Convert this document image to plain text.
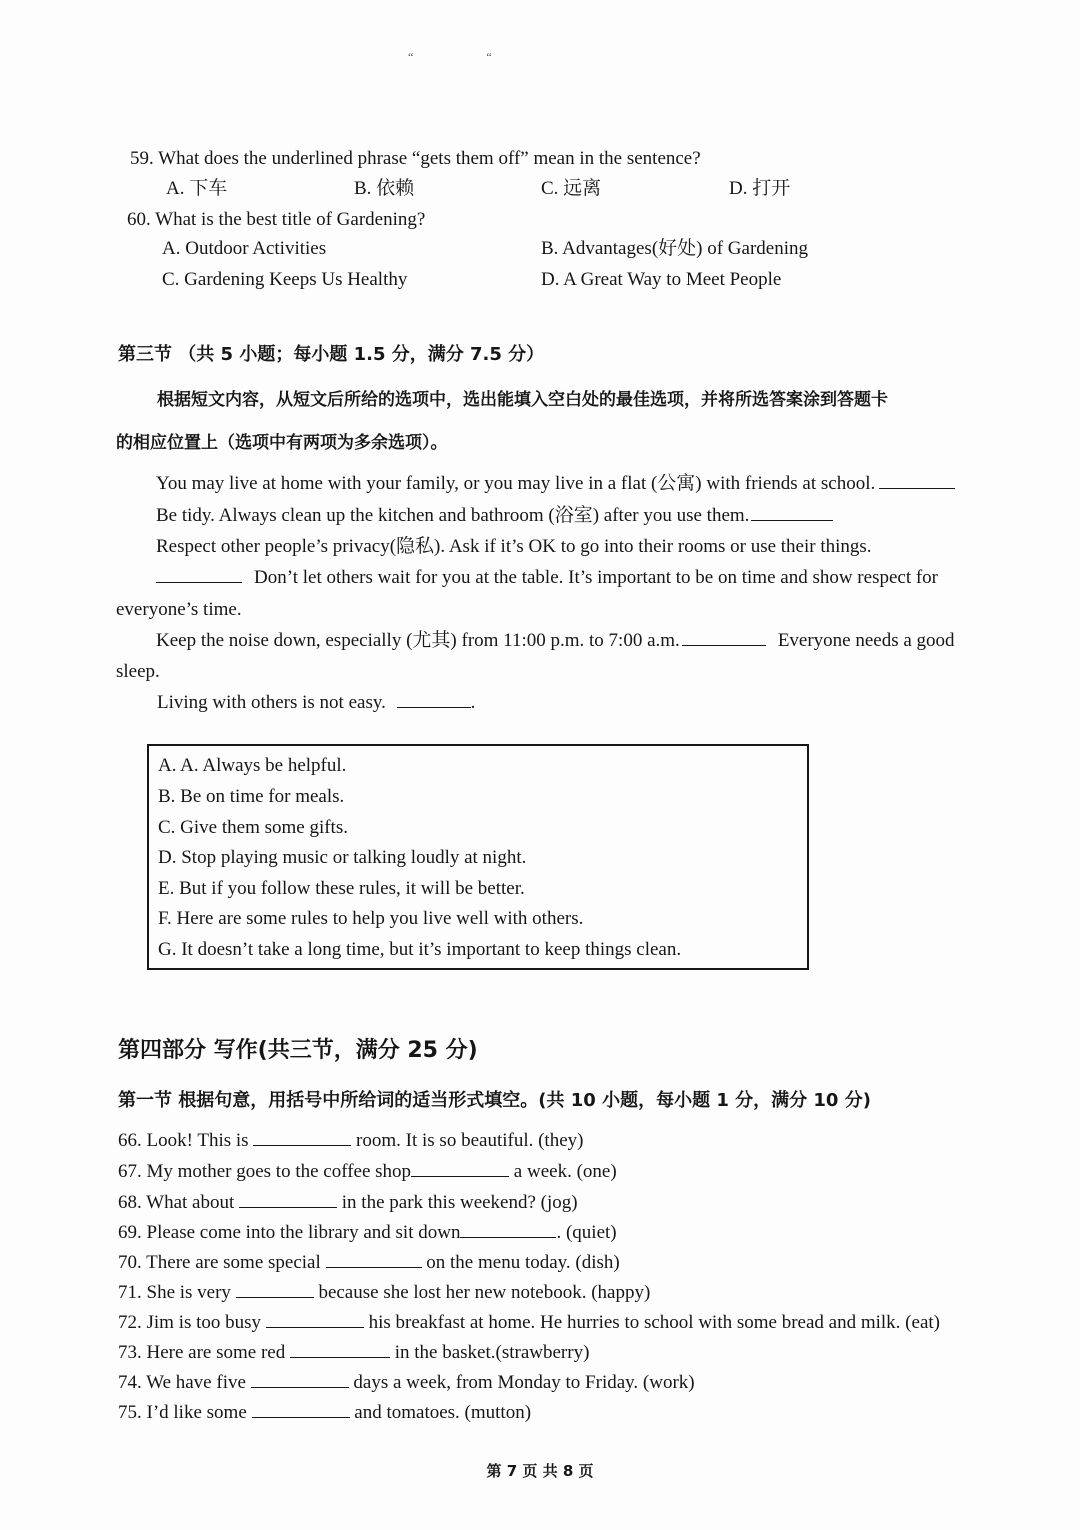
“	“
59. What does the underlined phrase “gets them off” mean in the sentence?
A. 下车	B. 依赖	C. 远离	D. 打开
60. What is the best title of Gardening?
A. Outdoor Activities	B. Advantages(好处) of Gardening
C. Gardening Keeps Us Healthy	D. A Great Way to Meet People
第三节 （共 5 小题；每小题 1.5 分，满分 7.5 分）
根据短文内容，从短文后所给的选项中，选出能填入空白处的最佳选项，并将所选答案涂到答题卡
的相应位置上（选项中有两项为多余选项）。
You may live at home with your family, or you may live in a flat (公寓) with friends at school.
Be tidy. Always clean up the kitchen and bathroom (浴室) after you use them.
Respect other people’s privacy(隐私). Ask if it’s OK to go into their rooms or use their things.
Don’t let others wait for you at the table. It’s important to be on time and show respect for
everyone’s time.
Keep the noise down, especially (尤其) from 11:00 p.m. to 7:00 a.m.	Everyone needs a good
sleep.
Living with others is not easy.	.
A. A. Always be helpful.
B. Be on time for meals.
C. Give them some gifts.
D. Stop playing music or talking loudly at night.
E. But if you follow these rules, it will be better.
F. Here are some rules to help you live well with others.
G. It doesn’t take a long time, but it’s important to keep things clean.
第四部分 写作(共三节，满分 25 分)
第一节 根据句意，用括号中所给词的适当形式填空。(共 10 小题，每小题 1 分，满分 10 分)
66. Look! This is	room. It is so beautiful. (they)
67. My mother goes to the coffee shop	a week. (one)
68. What about	in the park this weekend? (jog)
69. Please come into the library and sit down	. (quiet)
70. There are some special	on the menu today. (dish)
71. She is very	because she lost her new notebook. (happy)
72. Jim is too busy	his breakfast at home. He hurries to school with some bread and milk. (eat)
73. Here are some red	in the basket.(strawberry)
74. We have five	days a week, from Monday to Friday. (work)
75. I’d like some	and tomatoes. (mutton)
第 7 页 共 8 页
